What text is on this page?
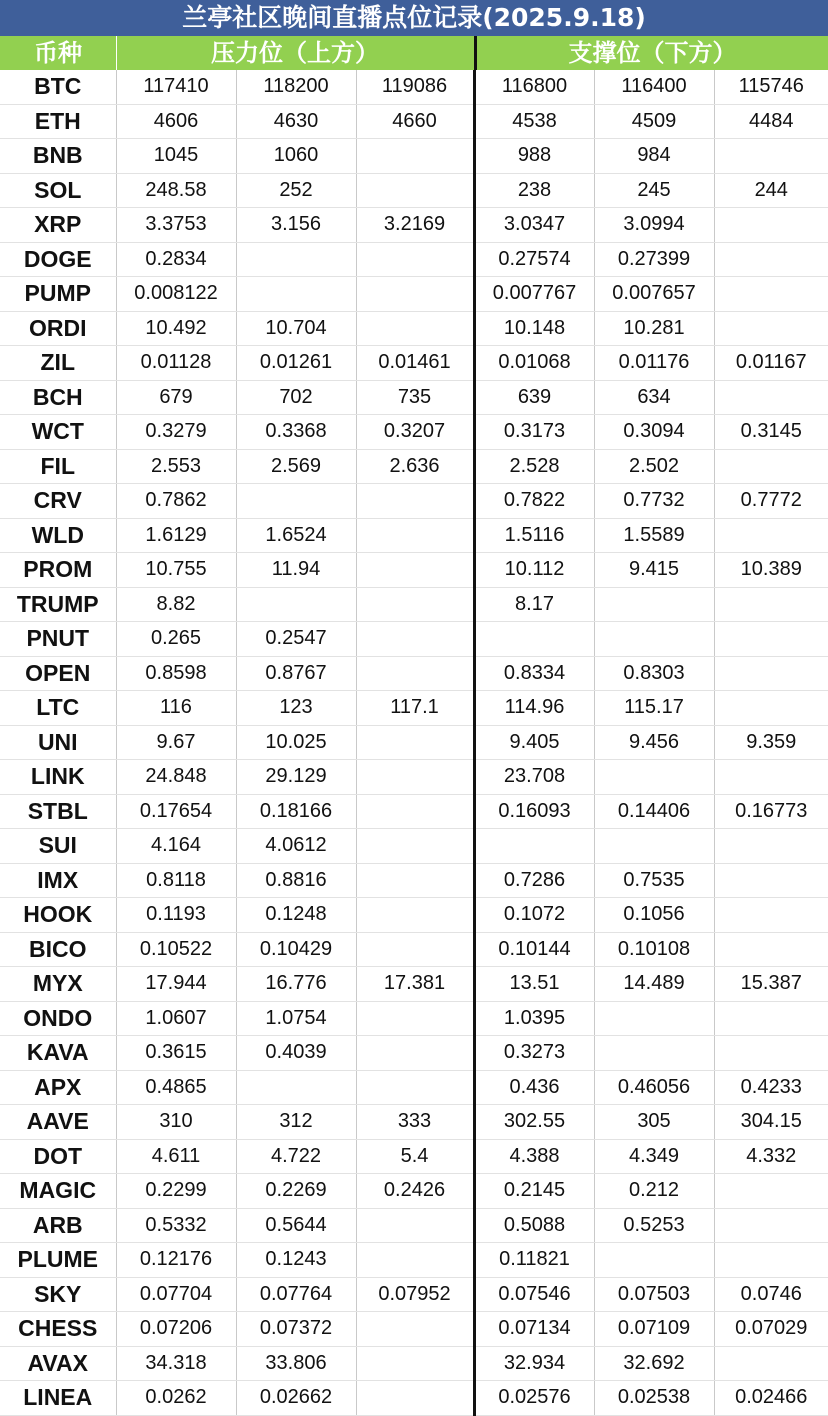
兰亭社区晚间直播点位记录(2025.9.18)
币种	压力位（上方）	支撑位（下方）
BTC	117410	118200	119086	116800	116400	115746
ETH	4606	4630	4660	4538	4509	4484
BNB	1045	1060		988	984	
SOL	248.58	252		238	245	244
XRP	3.3753	3.156	3.2169	3.0347	3.0994	
DOGE	0.2834			0.27574	0.27399	
PUMP	0.008122			0.007767	0.007657	
ORDI	10.492	10.704		10.148	10.281	
ZIL	0.01128	0.01261	0.01461	0.01068	0.01176	0.01167
BCH	679	702	735	639	634	
WCT	0.3279	0.3368	0.3207	0.3173	0.3094	0.3145
FIL	2.553	2.569	2.636	2.528	2.502	
CRV	0.7862			0.7822	0.7732	0.7772
WLD	1.6129	1.6524		1.5116	1.5589	
PROM	10.755	11.94		10.112	9.415	10.389
TRUMP	8.82			8.17		
PNUT	0.265	0.2547				
OPEN	0.8598	0.8767		0.8334	0.8303	
LTC	116	123	117.1	114.96	115.17	
UNI	9.67	10.025		9.405	9.456	9.359
LINK	24.848	29.129		23.708		
STBL	0.17654	0.18166		0.16093	0.14406	0.16773
SUI	4.164	4.0612				
IMX	0.8118	0.8816		0.7286	0.7535	
HOOK	0.1193	0.1248		0.1072	0.1056	
BICO	0.10522	0.10429		0.10144	0.10108	
MYX	17.944	16.776	17.381	13.51	14.489	15.387
ONDO	1.0607	1.0754		1.0395		
KAVA	0.3615	0.4039		0.3273		
APX	0.4865			0.436	0.46056	0.4233
AAVE	310	312	333	302.55	305	304.15
DOT	4.611	4.722	5.4	4.388	4.349	4.332
MAGIC	0.2299	0.2269	0.2426	0.2145	0.212	
ARB	0.5332	0.5644		0.5088	0.5253	
PLUME	0.12176	0.1243		0.11821		
SKY	0.07704	0.07764	0.07952	0.07546	0.07503	0.0746
CHESS	0.07206	0.07372		0.07134	0.07109	0.07029
AVAX	34.318	33.806		32.934	32.692	
LINEA	0.0262	0.02662		0.02576	0.02538	0.02466
